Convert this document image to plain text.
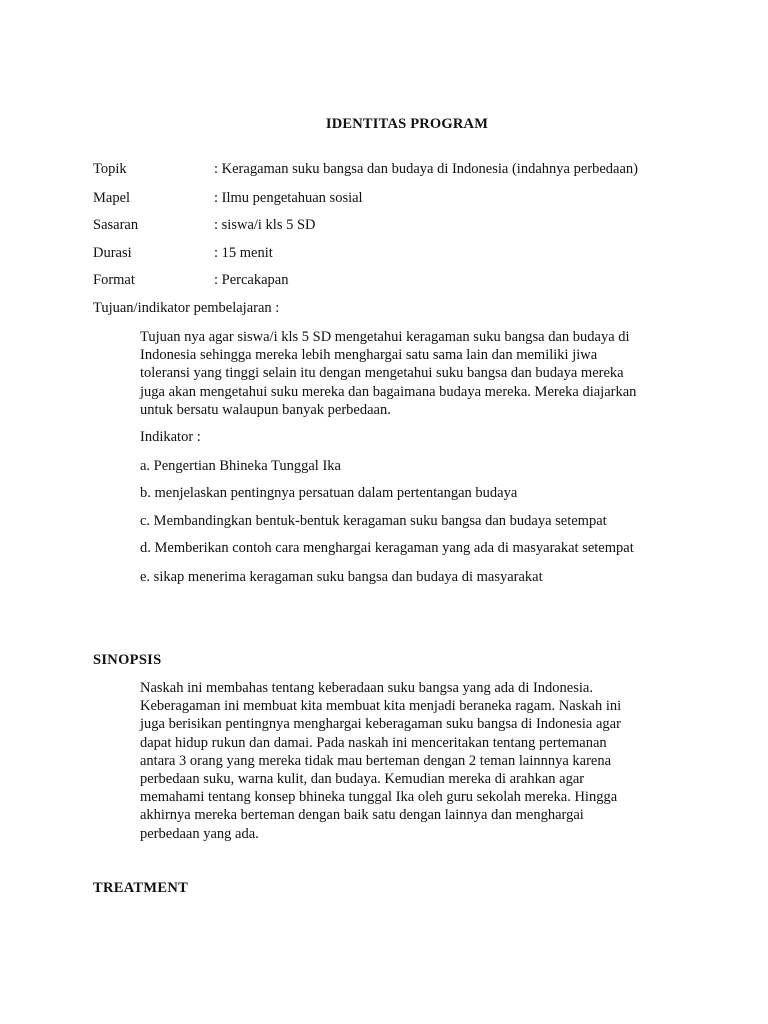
IDENTITAS PROGRAM
Topik	: Keragaman suku bangsa dan budaya di Indonesia (indahnya perbedaan)
Mapel	: Ilmu pengetahuan sosial
Sasaran	: siswa/i kls 5 SD
Durasi	: 15 menit
Format	: Percakapan
Tujuan/indikator pembelajaran :
Tujuan nya agar siswa/i kls 5 SD mengetahui keragaman suku bangsa dan budaya di
Indonesia sehingga mereka lebih menghargai satu sama lain dan memiliki jiwa
toleransi yang tinggi selain itu dengan mengetahui suku bangsa dan budaya mereka
juga akan mengetahui suku mereka dan bagaimana budaya mereka. Mereka diajarkan
untuk bersatu walaupun banyak perbedaan.
Indikator :
a. Pengertian Bhineka Tunggal Ika
b. menjelaskan pentingnya persatuan dalam pertentangan budaya
c. Membandingkan bentuk-bentuk keragaman suku bangsa dan budaya setempat
d. Memberikan contoh cara menghargai keragaman yang ada di masyarakat setempat
e. sikap menerima keragaman suku bangsa dan budaya di masyarakat
SINOPSIS
Naskah ini membahas tentang keberadaan suku bangsa yang ada di Indonesia.
Keberagaman ini membuat kita membuat kita menjadi beraneka ragam. Naskah ini
juga berisikan pentingnya menghargai keberagaman suku bangsa di Indonesia agar
dapat hidup rukun dan damai. Pada naskah ini menceritakan tentang pertemanan
antara 3 orang yang mereka tidak mau berteman dengan 2 teman lainnnya karena
perbedaan suku, warna kulit, dan budaya. Kemudian mereka di arahkan agar
memahami tentang konsep bhineka tunggal Ika oleh guru sekolah mereka. Hingga
akhirnya mereka berteman dengan baik satu dengan lainnya dan menghargai
perbedaan yang ada.
TREATMENT
